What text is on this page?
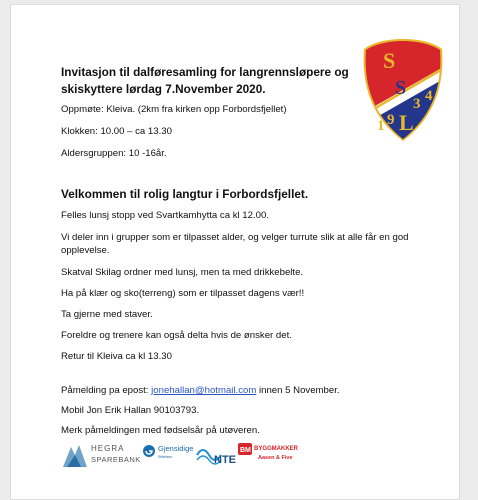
Invitasjon til dalføresamling for langrennsløpere og
skiskyttere lørdag 7.November 2020.
Oppmøte: Kleiva. (2km fra kirken opp Forbordsfjellet)
Klokken: 10.00 – ca 13.30
Aldersgruppen: 10 -16år.
Velkommen til rolig langtur i Forbordsfjellet.
Felles lunsj stopp ved Svartkamhytta ca kl 12.00.
Vi deler inn i grupper som er tilpasset alder, og velger turrute slik at alle får en god opplevelse.
Skatval Skilag ordner med lunsj, men ta med drikkebelte.
Ha på klær og sko(terreng) som er tilpasset dagens vær!!
Ta gjerne med staver.
Foreldre og trenere kan også delta hvis de ønsker det.
Retur til Kleiva ca kl 13.30
Påmelding pa epost: jonehallan@hotmail.com innen 5 November.
Mobil Jon Erik Hallan 90103793.
Merk påmeldingen med fødselsår på utøveren.
S
S
3 4
1 9 L
HEGRA
SPAREBANK
Gjensidige
Stiftelsen	NTE
BM BYGGMAKKER
Aasen & Five
